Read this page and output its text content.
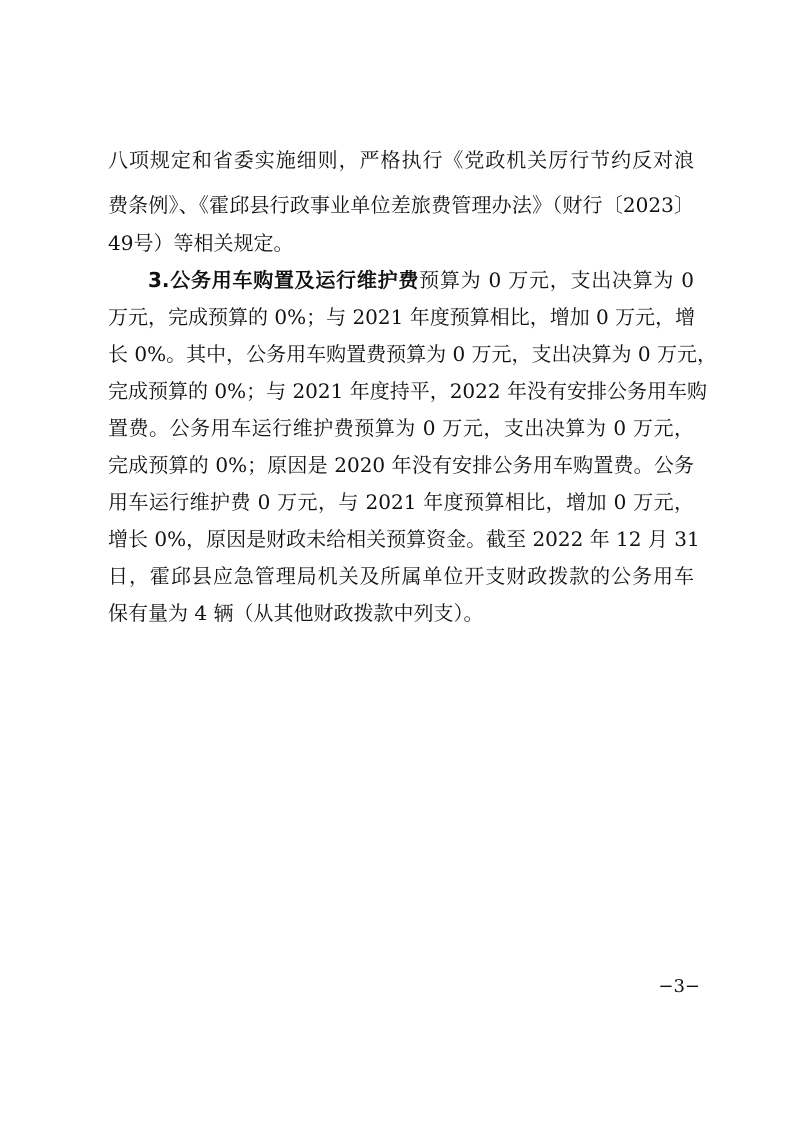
八项规定和省委实施细则，严格执行《党政机关厉行节约反对浪
费条例》、《霍邱县行政事业单位差旅费管理办法》（财行〔2023〕
49号）等相关规定。
3.公务用车购置及运行维护费预算为 0 万元，支出决算为 0
万元，完成预算的 0%；与 2021 年度预算相比，增加 0 万元，增
长 0%。其中，公务用车购置费预算为 0 万元，支出决算为 0 万元，
完成预算的 0%；与 2021 年度持平，2022 年没有安排公务用车购
置费。公务用车运行维护费预算为 0 万元，支出决算为 0 万元，
完成预算的 0%；原因是 2020 年没有安排公务用车购置费。公务
用车运行维护费 0 万元，与 2021 年度预算相比，增加 0 万元，
增长 0%，原因是财政未给相关预算资金。截至 2022 年 12 月 31
日，霍邱县应急管理局机关及所属单位开支财政拨款的公务用车
保有量为 4 辆（从其他财政拨款中列支）。
−3−
